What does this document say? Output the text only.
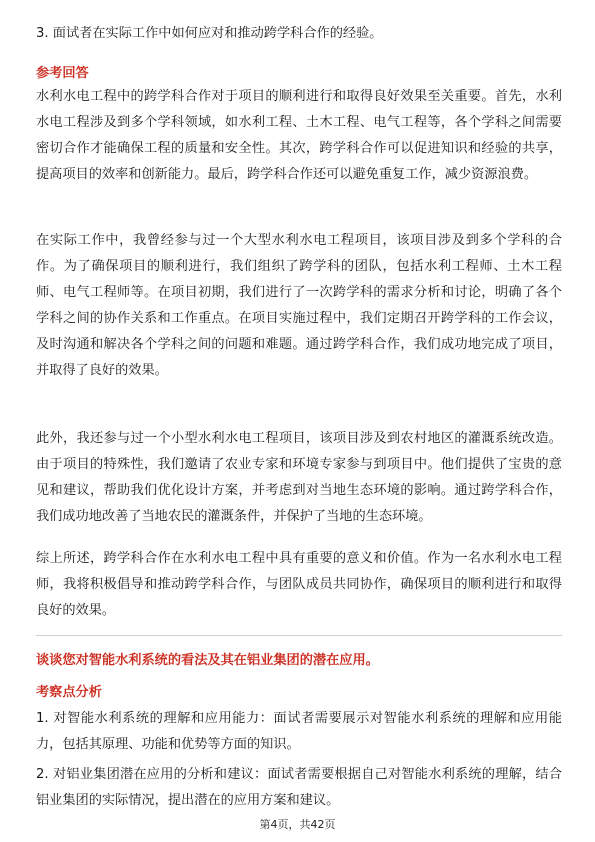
3. 面试者在实际工作中如何应对和推动跨学科合作的经验。
参考回答

水利水电工程中的跨学科合作对于项目的顺利进行和取得良好效果至关重要。首先，水利水电工程涉及到多个学科领域，如水利工程、土木工程、电气工程等，各个学科之间需要密切合作才能确保工程的质量和安全性。其次，跨学科合作可以促进知识和经验的共享，提高项目的效率和创新能力。最后，跨学科合作还可以避免重复工作，减少资源浪费。

在实际工作中，我曾经参与过一个大型水利水电工程项目，该项目涉及到多个学科的合作。为了确保项目的顺利进行，我们组织了跨学科的团队，包括水利工程师、土木工程师、电气工程师等。在项目初期，我们进行了一次跨学科的需求分析和讨论，明确了各个学科之间的协作关系和工作重点。在项目实施过程中，我们定期召开跨学科的工作会议，及时沟通和解决各个学科之间的问题和难题。通过跨学科合作，我们成功地完成了项目，并取得了良好的效果。

此外，我还参与过一个小型水利水电工程项目，该项目涉及到农村地区的灌溉系统改造。由于项目的特殊性，我们邀请了农业专家和环境专家参与到项目中。他们提供了宝贵的意见和建议，帮助我们优化设计方案，并考虑到对当地生态环境的影响。通过跨学科合作，我们成功地改善了当地农民的灌溉条件，并保护了当地的生态环境。

综上所述，跨学科合作在水利水电工程中具有重要的意义和价值。作为一名水利水电工程师，我将积极倡导和推动跨学科合作，与团队成员共同协作，确保项目的顺利进行和取得良好的效果。

谈谈您对智能水利系统的看法及其在铝业集团的潜在应用。
考察点分析

1. 对智能水利系统的理解和应用能力：面试者需要展示对智能水利系统的理解和应用能力，包括其原理、功能和优势等方面的知识。

2. 对铝业集团潜在应用的分析和建议：面试者需要根据自己对智能水利系统的理解，结合铝业集团的实际情况，提出潜在的应用方案和建议。

第4页，共42页
